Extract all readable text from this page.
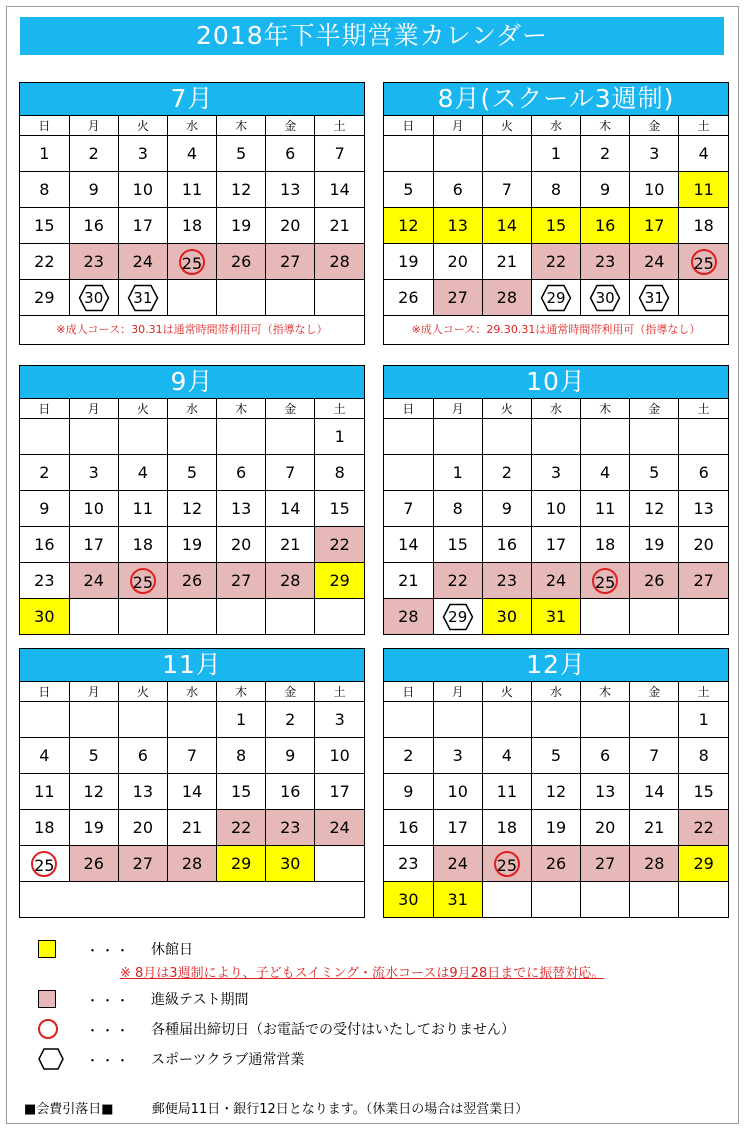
2018年下半期営業カレンダー
7月
日	月	火	水	木	金	土
1	2	3	4	5	6	7
8	9	10	11	12	13	14
15	16	17	18	19	20	21
22	23	24	25	26	27	28
29	30	31				
※成人コース：30.31は通常時間帯利用可（指導なし）
8月(スクール3週制)
日	月	火	水	木	金	土
			1	2	3	4
5	6	7	8	9	10	11
12	13	14	15	16	17	18
19	20	21	22	23	24	25
26	27	28	29	30	31	
※成人コース：29.30.31は通常時間帯利用可（指導なし）
9月
日	月	火	水	木	金	土
						1
2	3	4	5	6	7	8
9	10	11	12	13	14	15
16	17	18	19	20	21	22
23	24	25	26	27	28	29
30						
10月
日	月	火	水	木	金	土

	1	2	3	4	5	6
7	8	9	10	11	12	13
14	15	16	17	18	19	20
21	22	23	24	25	26	27
28	29	30	31			
11月
日	月	火	水	木	金	土
				1	2	3
4	5	6	7	8	9	10
11	12	13	14	15	16	17
18	19	20	21	22	23	24
25	26	27	28	29	30	
12月
日	月	火	水	木	金	土
						1
2	3	4	5	6	7	8
9	10	11	12	13	14	15
16	17	18	19	20	21	22
23	24	25	26	27	28	29
30	31					
・・・ 休館日
※ 8月は3週制により、子どもスイミング・流水コースは9月28日までに振替対応。
・・・ 進級テスト期間
・・・ 各種届出締切日（お電話での受付はいたしておりません）
・・・ スポーツクラブ通常営業
■会費引落日■	郵便局11日・銀行12日となります。（休業日の場合は翌営業日）
